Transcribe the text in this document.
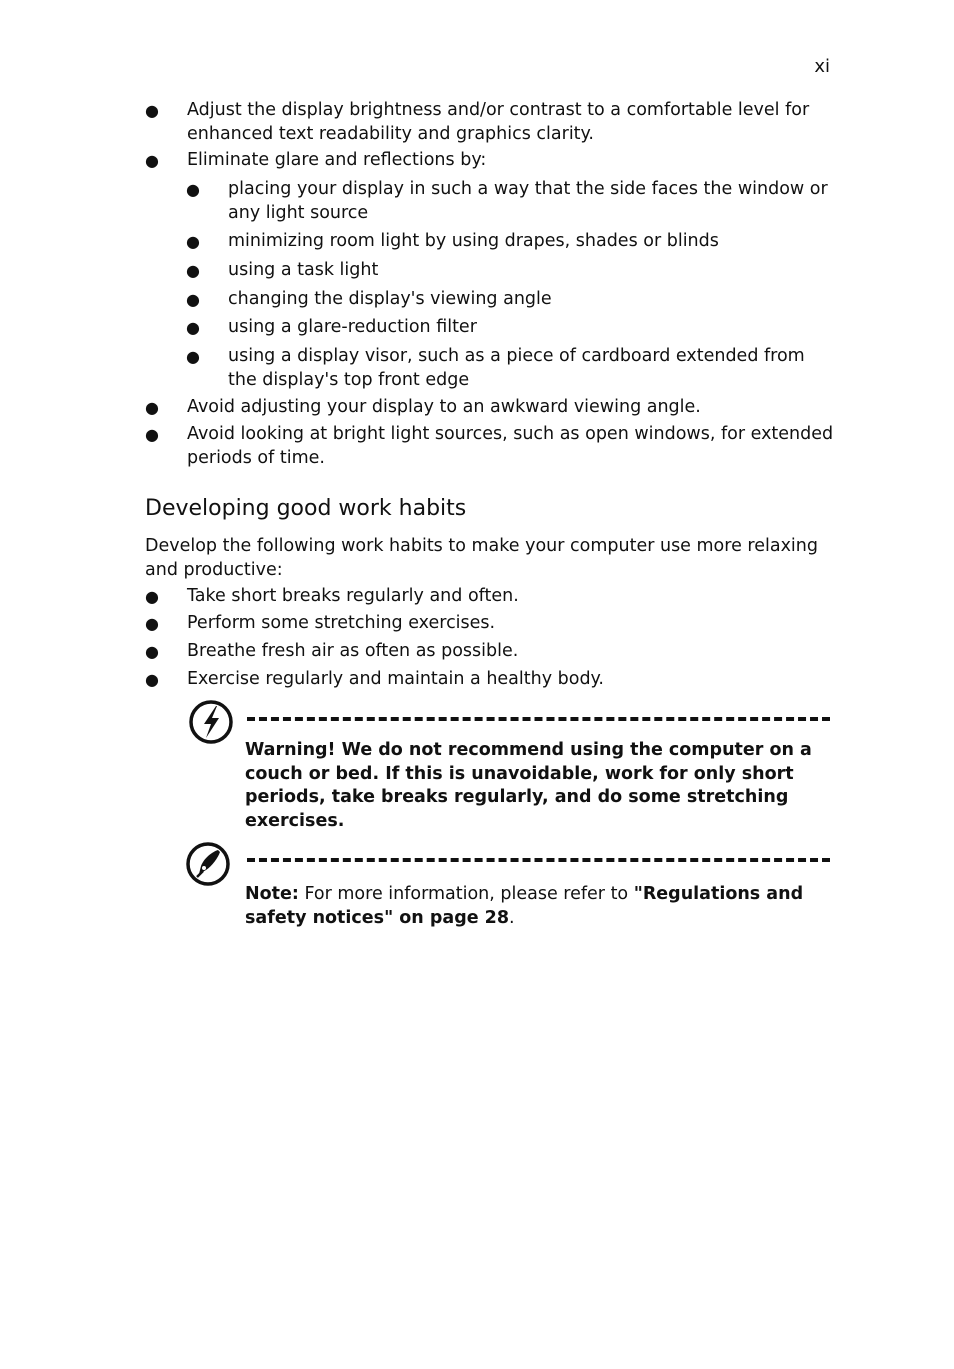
xi
● Adjust the display brightness and/or contrast to a comfortable level for enhanced text readability and graphics clarity.
● Eliminate glare and reflections by:
● placing your display in such a way that the side faces the window or any light source
● minimizing room light by using drapes, shades or blinds
● using a task light
● changing the display's viewing angle
● using a glare-reduction filter
● using a display visor, such as a piece of cardboard extended from the display's top front edge
● Avoid adjusting your display to an awkward viewing angle.
● Avoid looking at bright light sources, such as open windows, for extended periods of time.
Developing good work habits
Develop the following work habits to make your computer use more relaxing and productive:
● Take short breaks regularly and often.
● Perform some stretching exercises.
● Breathe fresh air as often as possible.
● Exercise regularly and maintain a healthy body.
Warning! We do not recommend using the computer on a couch or bed. If this is unavoidable, work for only short periods, take breaks regularly, and do some stretching exercises.
Note: For more information, please refer to "Regulations and safety notices" on page 28.
